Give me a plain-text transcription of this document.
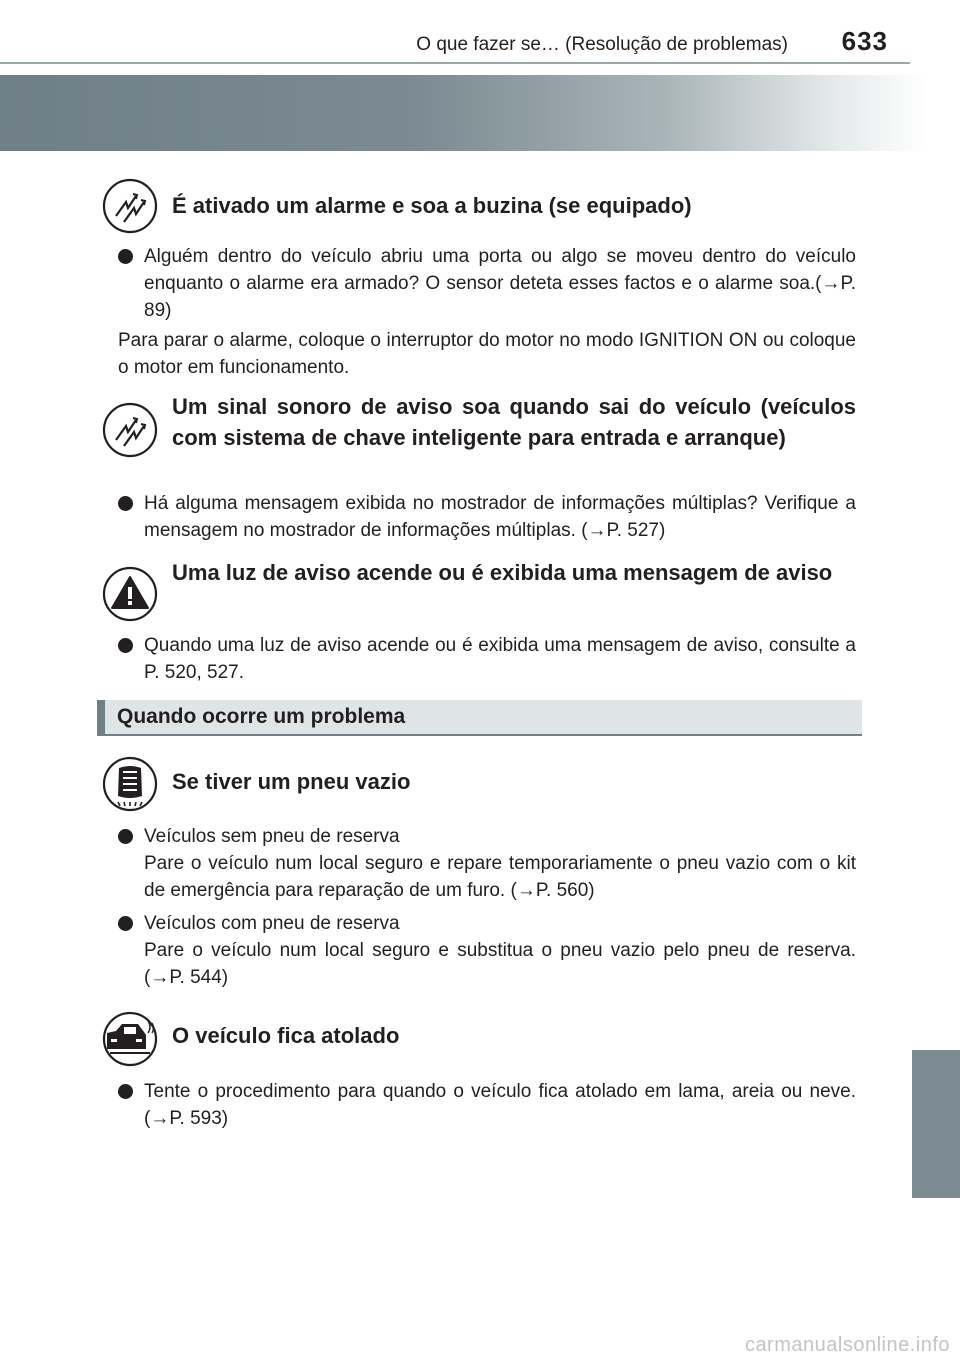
O que fazer se… (Resolução de problemas) 633
É ativado um alarme e soa a buzina (se equipado)
Alguém dentro do veículo abriu uma porta ou algo se moveu dentro do veículo enquanto o alarme era armado? O sensor deteta esses factos e o alarme soa.(→P. 89)
Para parar o alarme, coloque o interruptor do motor no modo IGNITION ON ou coloque o motor em funcionamento.
Um sinal sonoro de aviso soa quando sai do veículo (veículos com sistema de chave inteligente para entrada e arranque)
Há alguma mensagem exibida no mostrador de informações múltiplas? Verifique a mensagem no mostrador de informações múltiplas. (→P. 527)
Uma luz de aviso acende ou é exibida uma mensagem de aviso
Quando uma luz de aviso acende ou é exibida uma mensagem de aviso, consulte a P. 520, 527.
Quando ocorre um problema
Se tiver um pneu vazio
Veículos sem pneu de reserva
Pare o veículo num local seguro e repare temporariamente o pneu vazio com o kit de emergência para reparação de um furo. (→P. 560)
Veículos com pneu de reserva
Pare o veículo num local seguro e substitua o pneu vazio pelo pneu de reserva. (→P. 544)
O veículo fica atolado
Tente o procedimento para quando o veículo fica atolado em lama, areia ou neve. (→P. 593)
carmanualsonline.info
